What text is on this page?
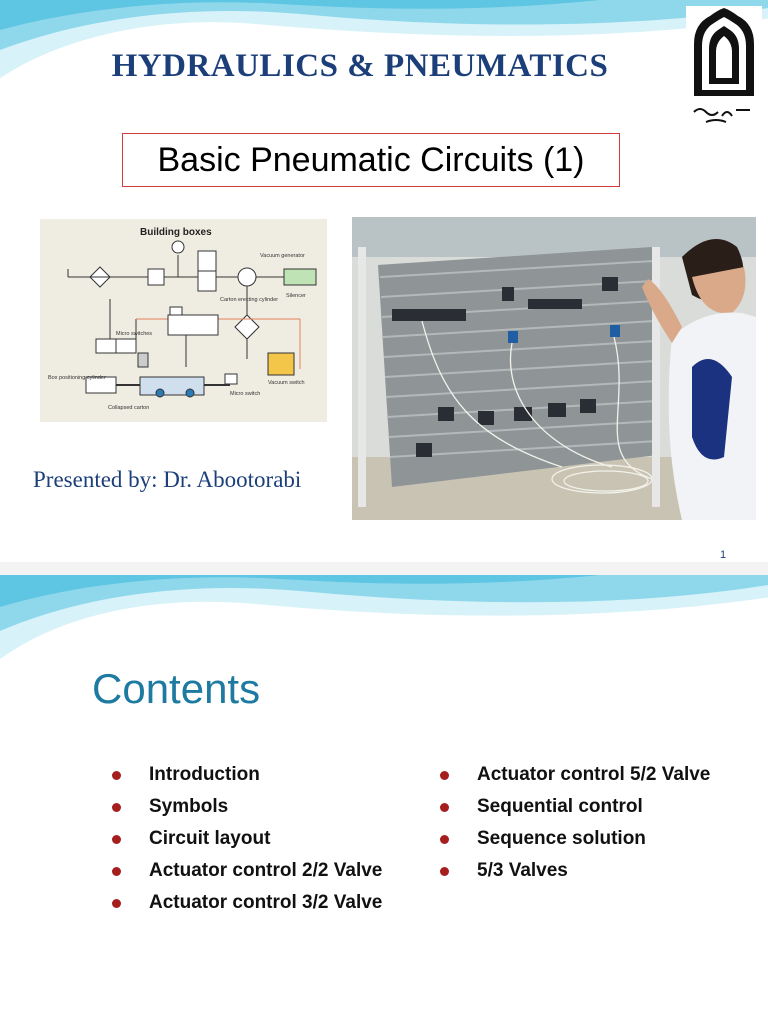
HYDRAULICS & PNEUMATICS
Basic Pneumatic Circuits (1)
Building boxes
Vacuum generator
Silencer
Carton erecting cylinder
Micro switches
Box positioning cylinder
Vacuum switch
Micro switch
Collapsed carton
Presented by: Dr. Abootorabi
1
Contents
Introduction
Symbols
Circuit layout
Actuator control 2/2 Valve
Actuator control 3/2 Valve
Actuator control 5/2 Valve
Sequential control
Sequence solution
5/3 Valves
